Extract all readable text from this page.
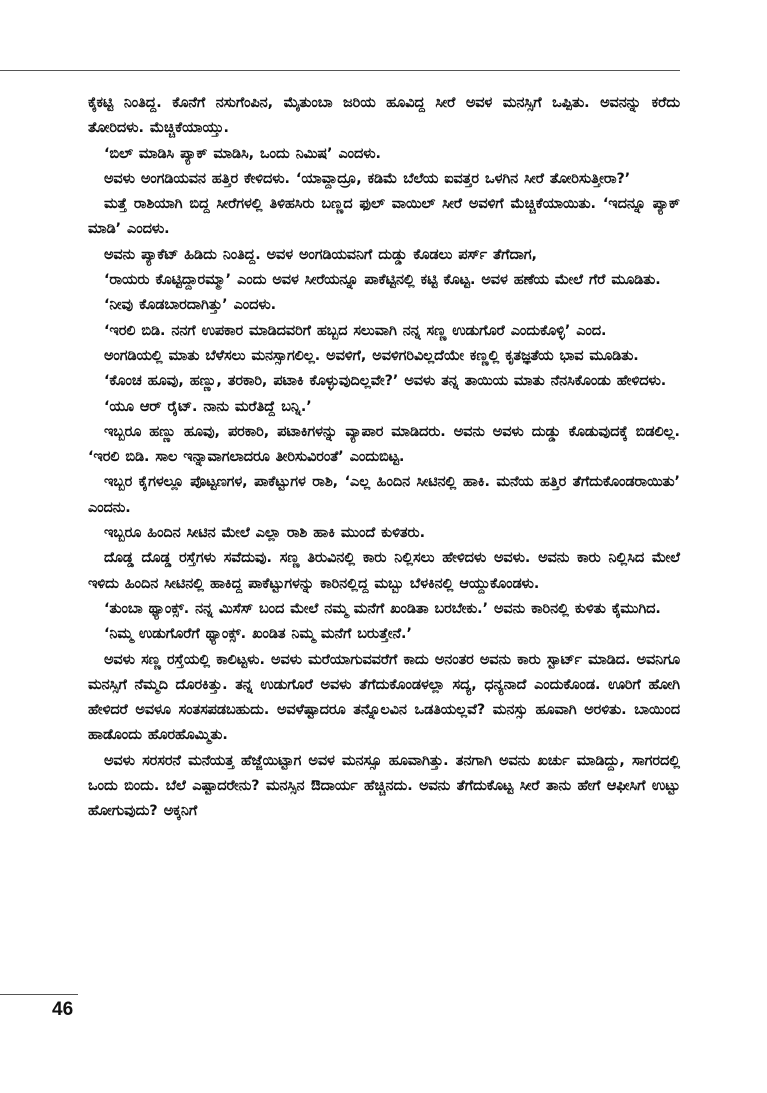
ಕೈಕಟ್ಟಿ ನಿಂತಿದ್ದ. ಕೊನೆಗೆ ನಸುಗೆಂಪಿನ, ಮೈತುಂಬಾ ಜರಿಯ ಹೂವಿದ್ದ ಸೀರೆ ಅವಳ ಮನಸ್ಸಿಗೆ ಒಪ್ಪಿತು. ಅವನನ್ನು ಕರೆದು ತೋರಿದಳು. ಮೆಚ್ಚಿಕೆಯಾಯ್ತು.

‘ಬಿಲ್ ಮಾಡಿಸಿ ಪ್ಯಾಕ್ ಮಾಡಿಸಿ, ಒಂದು ನಿಮಿಷ’ ಎಂದಳು.

ಅವಳು ಅಂಗಡಿಯವನ ಹತ್ತಿರ ಕೇಳಿದಳು. ‘ಯಾವ್ದಾದ್ರೂ, ಕಡಿಮೆ ಬೆಲೆಯ ಐವತ್ತರ ಒಳಗಿನ ಸೀರೆ ತೋರಿಸುತ್ತೀರಾ?’

ಮತ್ತೆ ರಾಶಿಯಾಗಿ ಬಿದ್ದ ಸೀರೆಗಳಲ್ಲಿ ತಿಳಿಹಸಿರು ಬಣ್ಣದ ಫುಲ್ ವಾಯಿಲ್ ಸೀರೆ ಅವಳಿಗೆ ಮೆಚ್ಚಿಕೆಯಾಯಿತು. ‘ಇದನ್ನೂ ಪ್ಯಾಕ್ ಮಾಡಿ’ ಎಂದಳು.

ಅವನು ಪ್ಯಾಕೆಟ್ ಹಿಡಿದು ನಿಂತಿದ್ದ. ಅವಳ ಅಂಗಡಿಯವನಿಗೆ ದುಡ್ಡು ಕೊಡಲು ಪರ್ಸ್ ತೆಗೆದಾಗ,

‘ರಾಯರು ಕೊಟ್ಟಿದ್ದಾರಮ್ಮಾ’ ಎಂದು ಅವಳ ಸೀರೆಯನ್ನೂ ಪಾಕೆಟ್ಟಿನಲ್ಲಿ ಕಟ್ಟಿ ಕೊಟ್ಟ. ಅವಳ ಹಣೆಯ ಮೇಲೆ ಗೆರೆ ಮೂಡಿತು.

‘ನೀವು ಕೊಡಬಾರದಾಗಿತ್ತು’ ಎಂದಳು.

‘ಇರಲಿ ಬಿಡಿ. ನನಗೆ ಉಪಕಾರ ಮಾಡಿದವರಿಗೆ ಹಬ್ಬದ ಸಲುವಾಗಿ ನನ್ನ ಸಣ್ಣ ಉಡುಗೊರೆ ಎಂದುಕೊಳ್ಳಿ’ ಎಂದ.

ಅಂಗಡಿಯಲ್ಲಿ ಮಾತು ಬೆಳೆಸಲು ಮನಸ್ಸಾಗಲಿಲ್ಲ. ಅವಳಿಗೆ, ಅವಳಿಗರಿವಿಲ್ಲದೆಯೇ ಕಣ್ಣಲ್ಲಿ ಕೃತಜ್ಞತೆಯ ಭಾವ ಮೂಡಿತು.

‘ಕೊಂಚ ಹೂವು, ಹಣ್ಣು, ತರಕಾರಿ, ಪಟಾಕಿ ಕೊಳ್ಳುವುದಿಲ್ಲವೇ?’ ಅವಳು ತನ್ನ ತಾಯಿಯ ಮಾತು ನೆನಸಿಕೊಂಡು ಹೇಳಿದಳು.

‘ಯೂ ಆರ್ ರೈಟ್. ನಾನು ಮರೆತಿದ್ದೆ ಬನ್ನಿ.’

ಇಬ್ಬರೂ ಹಣ್ಣು ಹೂವು, ಪರಕಾರಿ, ಪಟಾಕಿಗಳನ್ನು ವ್ಯಾಪಾರ ಮಾಡಿದರು. ಅವನು ಅವಳು ದುಡ್ಡು ಕೊಡುವುದಕ್ಕೆ ಬಿಡಲಿಲ್ಲ. ‘ಇರಲಿ ಬಿಡಿ. ಸಾಲ ಇನ್ನಾವಾಗಲಾದರೂ ತೀರಿಸುವಿರಂತೆ’ ಎಂದುಬಿಟ್ಟ.

ಇಬ್ಬರ ಕೈಗಳಲ್ಲೂ ಪೊಟ್ಟಣಗಳ, ಪಾಕೆಟ್ಟುಗಳ ರಾಶಿ, ‘ಎಲ್ಲ ಹಿಂದಿನ ಸೀಟಿನಲ್ಲಿ ಹಾಕಿ. ಮನೆಯ ಹತ್ತಿರ ತೆಗೆದುಕೊಂಡರಾಯಿತು’ ಎಂದನು.

ಇಬ್ಬರೂ ಹಿಂದಿನ ಸೀಟಿನ ಮೇಲೆ ಎಲ್ಲಾ ರಾಶಿ ಹಾಕಿ ಮುಂದೆ ಕುಳಿತರು.

ದೊಡ್ಡ ದೊಡ್ಡ ರಸ್ತೆಗಳು ಸವೆದುವು. ಸಣ್ಣ ತಿರುವಿನಲ್ಲಿ ಕಾರು ನಿಲ್ಲಿಸಲು ಹೇಳಿದಳು ಅವಳು. ಅವನು ಕಾರು ನಿಲ್ಲಿಸಿದ ಮೇಲೆ ಇಳಿದು ಹಿಂದಿನ ಸೀಟಿನಲ್ಲಿ ಹಾಕಿದ್ದ ಪಾಕೆಟ್ಟುಗಳನ್ನು ಕಾರಿನಲ್ಲಿದ್ದ ಮಬ್ಬು ಬೆಳಕಿನಲ್ಲಿ ಆಯ್ದುಕೊಂಡಳು.

‘ತುಂಬಾ ಥ್ಯಾಂಕ್ಸ್. ನನ್ನ ಮಿಸೆಸ್ ಬಂದ ಮೇಲೆ ನಮ್ಮ ಮನೆಗೆ ಖಂಡಿತಾ ಬರಬೇಕು.’ ಅವನು ಕಾರಿನಲ್ಲಿ ಕುಳಿತು ಕೈಮುಗಿದ.

‘ನಿಮ್ಮ ಉಡುಗೊರೆಗೆ ಥ್ಯಾಂಕ್ಸ್. ಖಂಡಿತ ನಿಮ್ಮ ಮನೆಗೆ ಬರುತ್ತೇನೆ.’

ಅವಳು ಸಣ್ಣ ರಸ್ತೆಯಲ್ಲಿ ಕಾಲಿಟ್ಟಳು. ಅವಳು ಮರೆಯಾಗುವವರೆಗೆ ಕಾದು ಅನಂತರ ಅವನು ಕಾರು ಸ್ಟಾರ್ಟ್ ಮಾಡಿದ. ಅವನಿಗೂ ಮನಸ್ಸಿಗೆ ನೆಮ್ಮದಿ ದೊರಕಿತ್ತು. ತನ್ನ ಉಡುಗೊರೆ ಅವಳು ತೆಗೆದುಕೊಂಡಳಲ್ಲಾ ಸದ್ಯ, ಧನ್ಯನಾದೆ ಎಂದುಕೊಂಡ. ಊರಿಗೆ ಹೋಗಿ ಹೇಳಿದರೆ ಅವಳೂ ಸಂತಸಪಡಬಹುದು. ಅವಳೆಷ್ಟಾದರೂ ತನ್ನೊಲವಿನ ಒಡತಿಯಲ್ಲವೆ? ಮನಸ್ಸು ಹೂವಾಗಿ ಅರಳಿತು. ಬಾಯಿಂದ ಹಾಡೊಂದು ಹೊರಹೊಮ್ಮಿತು.

ಅವಳು ಸರಸರನೆ ಮನೆಯತ್ತ ಹೆಜ್ಜೆಯಿಟ್ಟಾಗ ಅವಳ ಮನಸ್ಸೂ ಹೂವಾಗಿತ್ತು. ತನಗಾಗಿ ಅವನು ಖರ್ಚು ಮಾಡಿದ್ದು, ಸಾಗರದಲ್ಲಿ ಒಂದು ಬಿಂದು. ಬೆಲೆ ಎಷ್ಟಾದರೇನು? ಮನಸ್ಸಿನ ಔದಾರ್ಯ ಹೆಚ್ಚಿನದು. ಅವನು ತೆಗೆದುಕೊಟ್ಟ ಸೀರೆ ತಾನು ಹೇಗೆ ಆಫೀಸಿಗೆ ಉಟ್ಟು ಹೋಗುವುದು? ಅಕ್ಕನಿಗೆ

46
